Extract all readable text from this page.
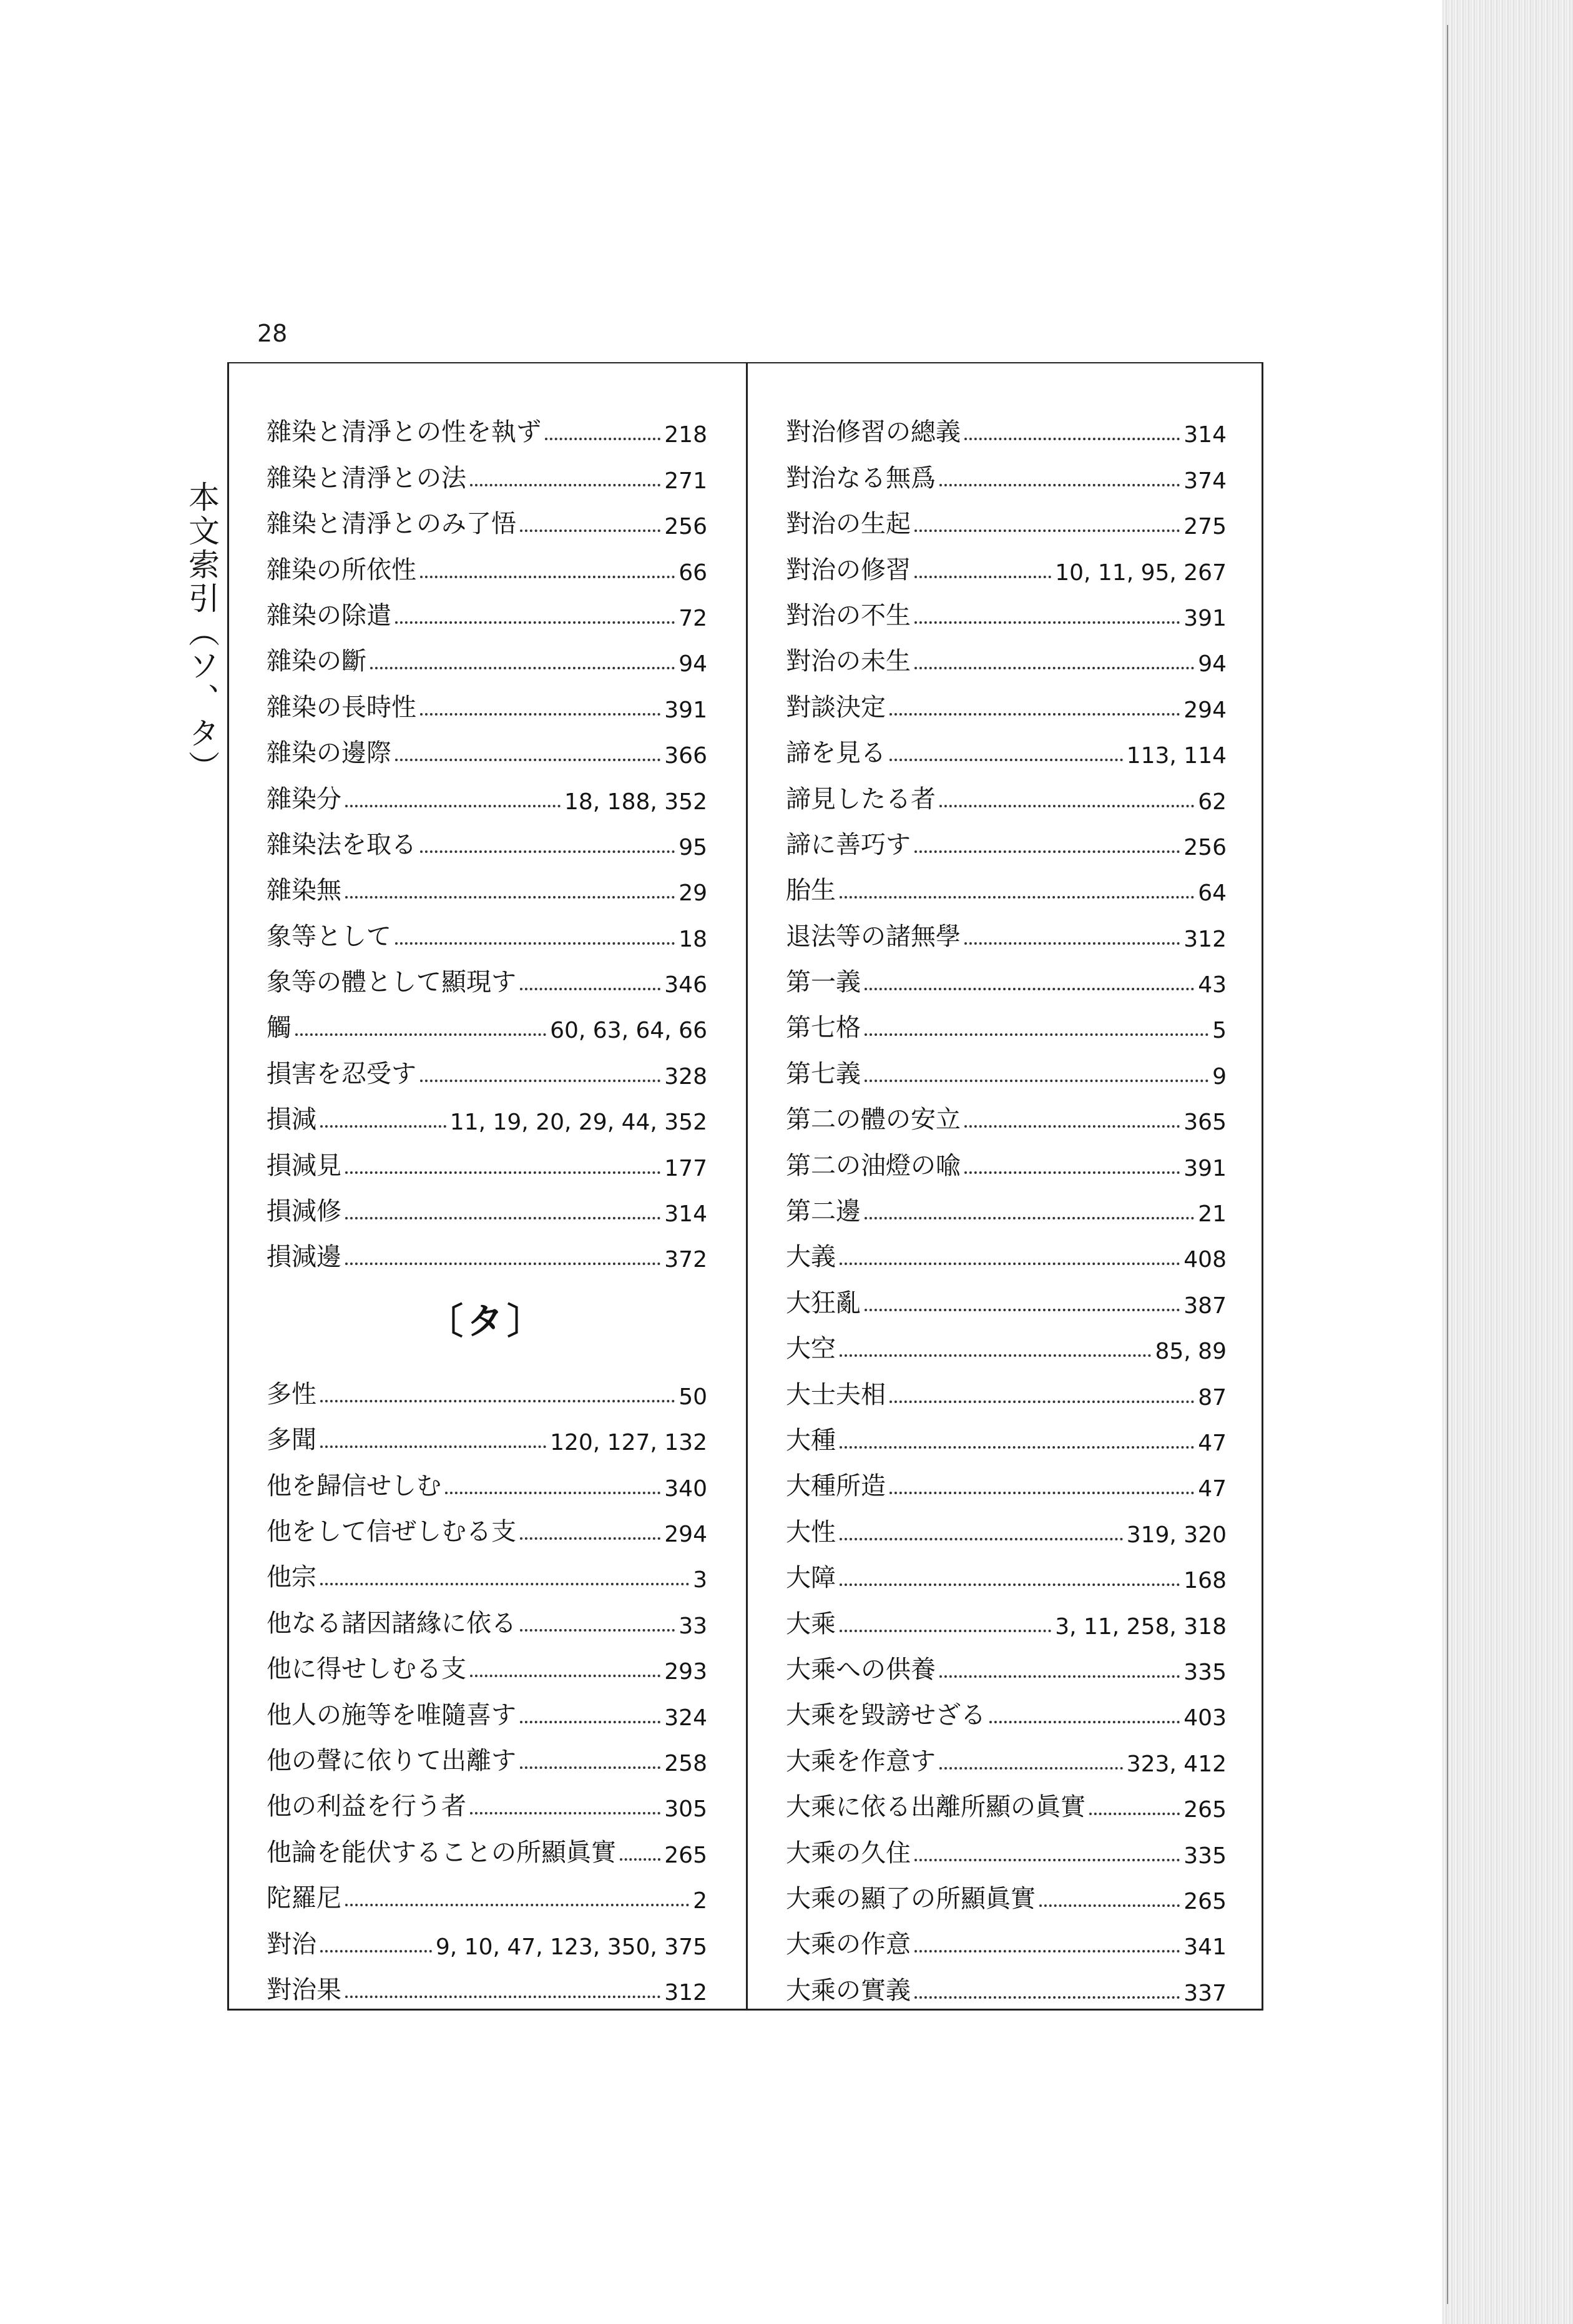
28
本文索引（ソ、タ）
雜染と清淨との性を執ず	218
雜染と清淨との法	271
雜染と清淨とのみ了悟	256
雜染の所依性	66
雜染の除遣	72
雜染の斷	94
雜染の長時性	391
雜染の邊際	366
雜染分	18, 188, 352
雜染法を取る	95
雜染無	29
象等として	18
象等の體として顯現す	346
觸	60, 63, 64, 66
損害を忍受す	328
損減	11, 19, 20, 29, 44, 352
損減見	177
損減修	314
損減邊	372
〔タ〕
多性	50
多聞	120, 127, 132
他を歸信せしむ	340
他をして信ぜしむる支	294
他宗	3
他なる諸因諸緣に依る	33
他に得せしむる支	293
他人の施等を唯隨喜す	324
他の聲に依りて出離す	258
他の利益を行う者	305
他論を能伏することの所顯眞實 265
陀羅尼	2
對治	9, 10, 47, 123, 350, 375
對治果	312
對治修習の總義	314
對治なる無爲	374
對治の生起	275
對治の修習	10, 11, 95, 267
對治の不生	391
對治の未生	94
對談決定	294
諦を見る	113, 114
諦見したる者	62
諦に善巧す	256
胎生	64
退法等の諸無學	312
第一義	43
第七格	5
第七義	9
第二の體の安立	365
第二の油燈の喩	391
第二邊	21
大義	408
大狂亂	387
大空	85, 89
大士夫相	87
大種	47
大種所造	47
大性	319, 320
大障	168
大乘	3, 11, 258, 318
大乘への供養	335
大乘を毀謗せざる	403
大乘を作意す	323, 412
大乘に依る出離所顯の眞實	265
大乘の久住	335
大乘の顯了の所顯眞實	265
大乘の作意	341
大乘の實義	337
